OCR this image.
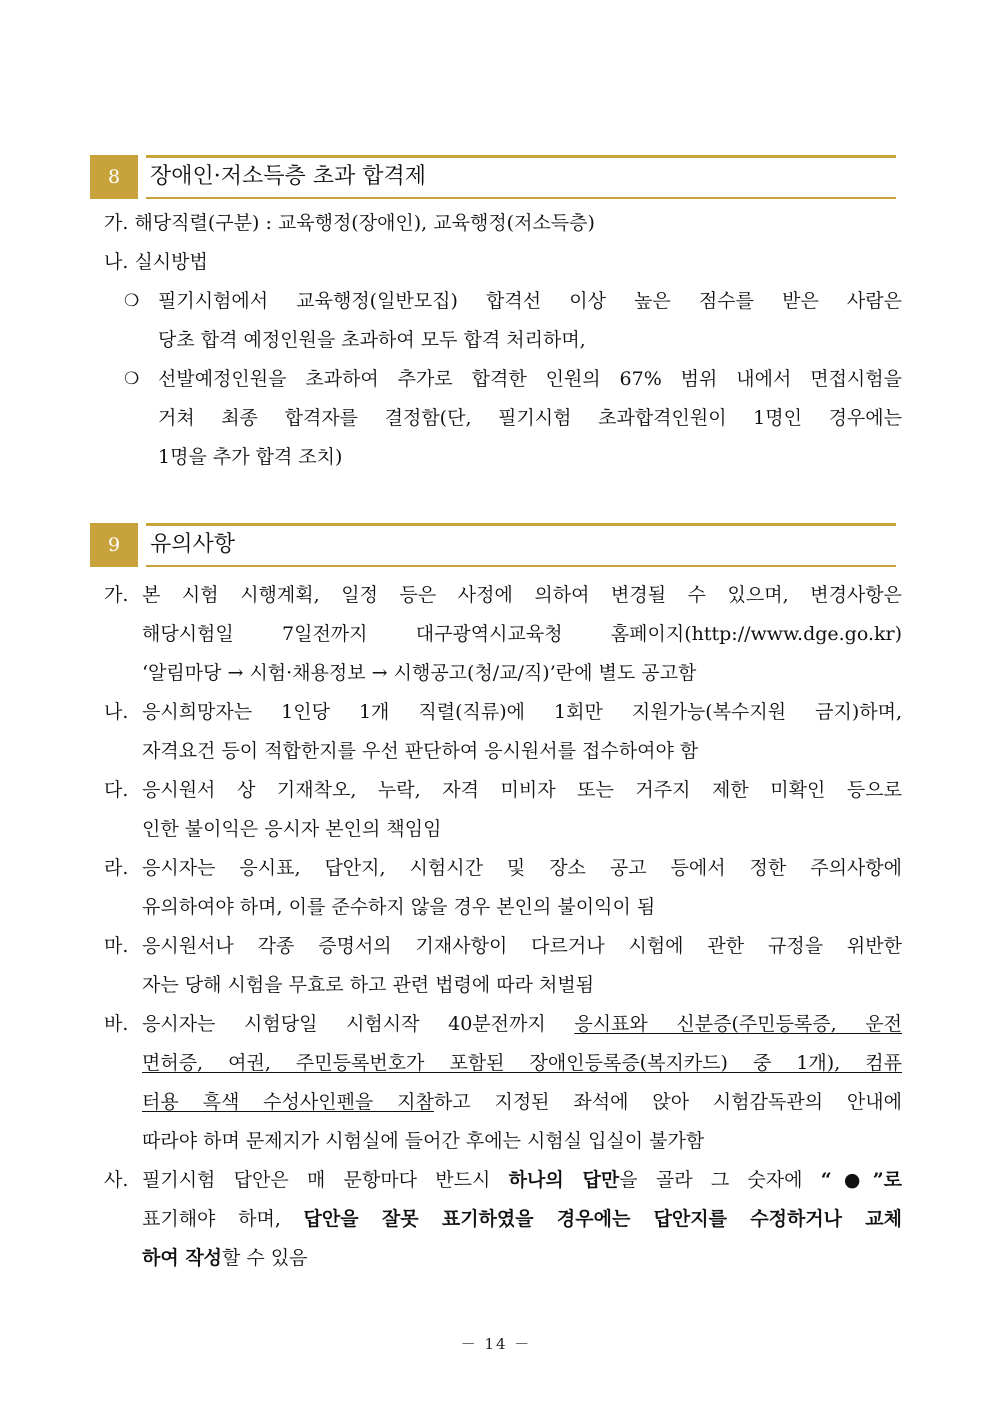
8	장애인·저소득층 초과 합격제
가. 해당직렬(구분) : 교육행정(장애인), 교육행정(저소득층)
나. 실시방법
❍ 필기시험에서 교육행정(일반모집) 합격선 이상 높은 점수를 받은 사람은
당초 합격 예정인원을 초과하여 모두 합격 처리하며,
❍ 선발예정인원을 초과하여 추가로 합격한 인원의 67% 범위 내에서 면접시험을
거쳐 최종 합격자를 결정함(단, 필기시험 초과합격인원이 1명인 경우에는
1명을 추가 합격 조치)
9	유의사항
가. 본 시험 시행계획, 일정 등은 사정에 의하여 변경될 수 있으며, 변경사항은
해당시험일 7일전까지 대구광역시교육청 홈페이지(http://www.dge.go.kr)
‘알림마당 → 시험·채용정보 → 시행공고(청/교/직)’란에 별도 공고함
나. 응시희망자는 1인당 1개 직렬(직류)에 1회만 지원가능(복수지원 금지)하며,
자격요건 등이 적합한지를 우선 판단하여 응시원서를 접수하여야 함
다. 응시원서 상 기재착오, 누락, 자격 미비자 또는 거주지 제한 미확인 등으로
인한 불이익은 응시자 본인의 책임임
라. 응시자는 응시표, 답안지, 시험시간 및 장소 공고 등에서 정한 주의사항에
유의하여야 하며, 이를 준수하지 않을 경우 본인의 불이익이 됨
마. 응시원서나 각종 증명서의 기재사항이 다르거나 시험에 관한 규정을 위반한
자는 당해 시험을 무효로 하고 관련 법령에 따라 처벌됨
바. 응시자는 시험당일 시험시작 40분전까지 응시표와 신분증(주민등록증, 운전
면허증, 여권, 주민등록번호가 포함된 장애인등록증(복지카드) 중 1개), 컴퓨
터용 흑색 수성사인펜을 지참하고 지정된 좌석에 앉아 시험감독관의 안내에
따라야 하며 문제지가 시험실에 들어간 후에는 시험실 입실이 불가함
사. 필기시험 답안은 매 문항마다 반드시 하나의 답만을 골라 그 숫자에 “●”로
표기해야 하며, 답안을 잘못 표기하였을 경우에는 답안지를 수정하거나 교체
하여 작성할 수 있음
－ 14 －
